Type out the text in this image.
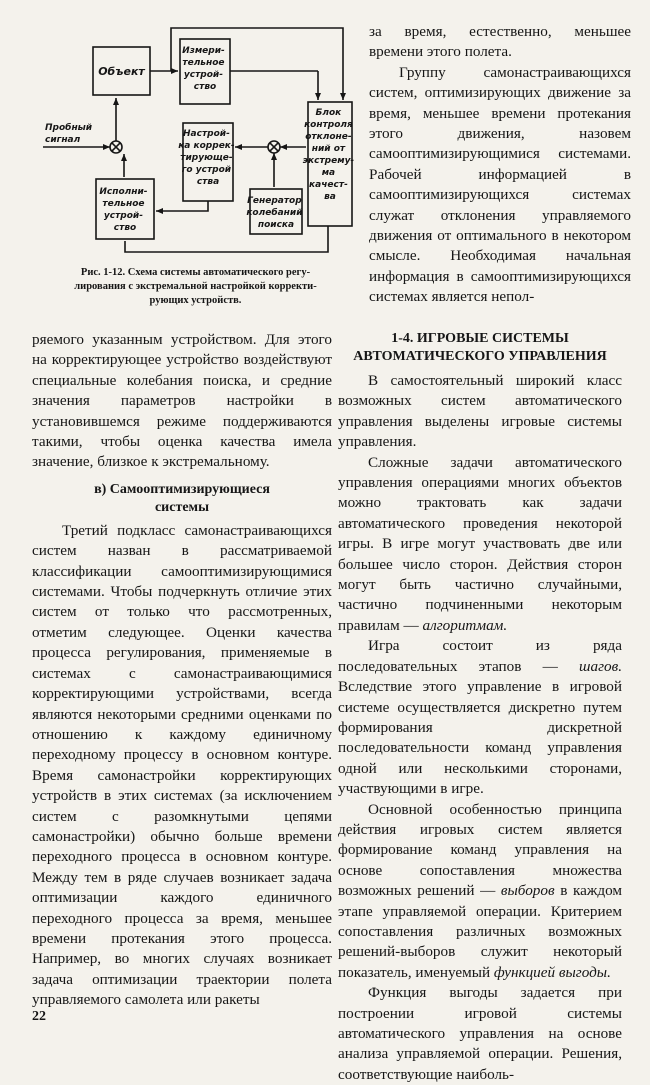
Объект
Измери- тельное устрой- ство
Настрой- ка коррек- тирующе- го устрой ства
Блок контроля отклоне- ний от экстрему- ма качест- ва
Исполни- тельное устрой- ство
Генератор колебаний поиска
Пробный сигнал
Рис. 1-12. Схема системы автоматического регу-
лирования с экстремальной настройкой корректи-
рующих устройств.

за время, естественно, меньшее времени этого полета.

Группу самонастраивающихся систем, оптимизирующих движение за время, меньшее времени протекания этого движения, назовем самооптимизирующимися системами. Рабочей информацией в самооптимизирующихся системах служат отклонения управляемого движения от оптимального в некотором смысле. Необходимая начальная информация в самооптимизирующихся системах является непол-

ряемого указанным устройством. Для этого на корректирующее устройство воздействуют специальные колебания поиска, и средние значения параметров настройки в установившемся режиме поддерживаются такими, чтобы оценка качества имела значение, близкое к экстремальному.

в) Самооптимизирующиеся
системы

Третий подкласс самонастраивающихся систем назван в рассматриваемой классификации самооптимизирующимися системами. Чтобы подчеркнуть отличие этих систем от только что рассмотренных, отметим следующее. Оценки качества процесса регулирования, применяемые в системах с самонастраивающимися корректирующими устройствами, всегда являются некоторыми средними оценками по отношению к каждому единичному переходному процессу в основном контуре. Время самонастройки корректирующих устройств в этих системах (за исключением систем с разомкнутыми цепями самонастройки) обычно больше времени переходного процесса в основном контуре. Между тем в ряде случаев возникает задача оптимизации каждого единичного переходного процесса за время, меньшее времени протекания этого процесса. Например, во многих случаях возникает задача оптимизации траектории полета управляемого самолета или ракеты

1-4. ИГРОВЫЕ СИСТЕМЫ
АВТОМАТИЧЕСКОГО УПРАВЛЕНИЯ

В самостоятельный широкий класс возможных систем автоматического управления выделены игровые системы управления.

Сложные задачи автоматического управления операциями многих объектов можно трактовать как задачи автоматического проведения некоторой игры. В игре могут участвовать две или большее число сторон. Действия сторон могут быть частично случайными, частично подчиненными некоторым правилам — алгоритмам.

Игра состоит из ряда последовательных этапов — шагов. Вследствие этого управление в игровой системе осуществляется дискретно путем формирования дискретной последовательности команд управления одной или несколькими сторонами, участвующими в игре.

Основной особенностью принципа действия игровых систем является формирование команд управления на основе сопоставления множества возможных решений — выборов в каждом этапе управляемой операции. Критерием сопоставления различных возможных решений-выборов служит некоторый показатель, именуемый функцией выгоды.

Функция выгоды задается при построении игровой системы автоматического управления на основе анализа управляемой операции. Решения, соответствующие наиболь-

22
